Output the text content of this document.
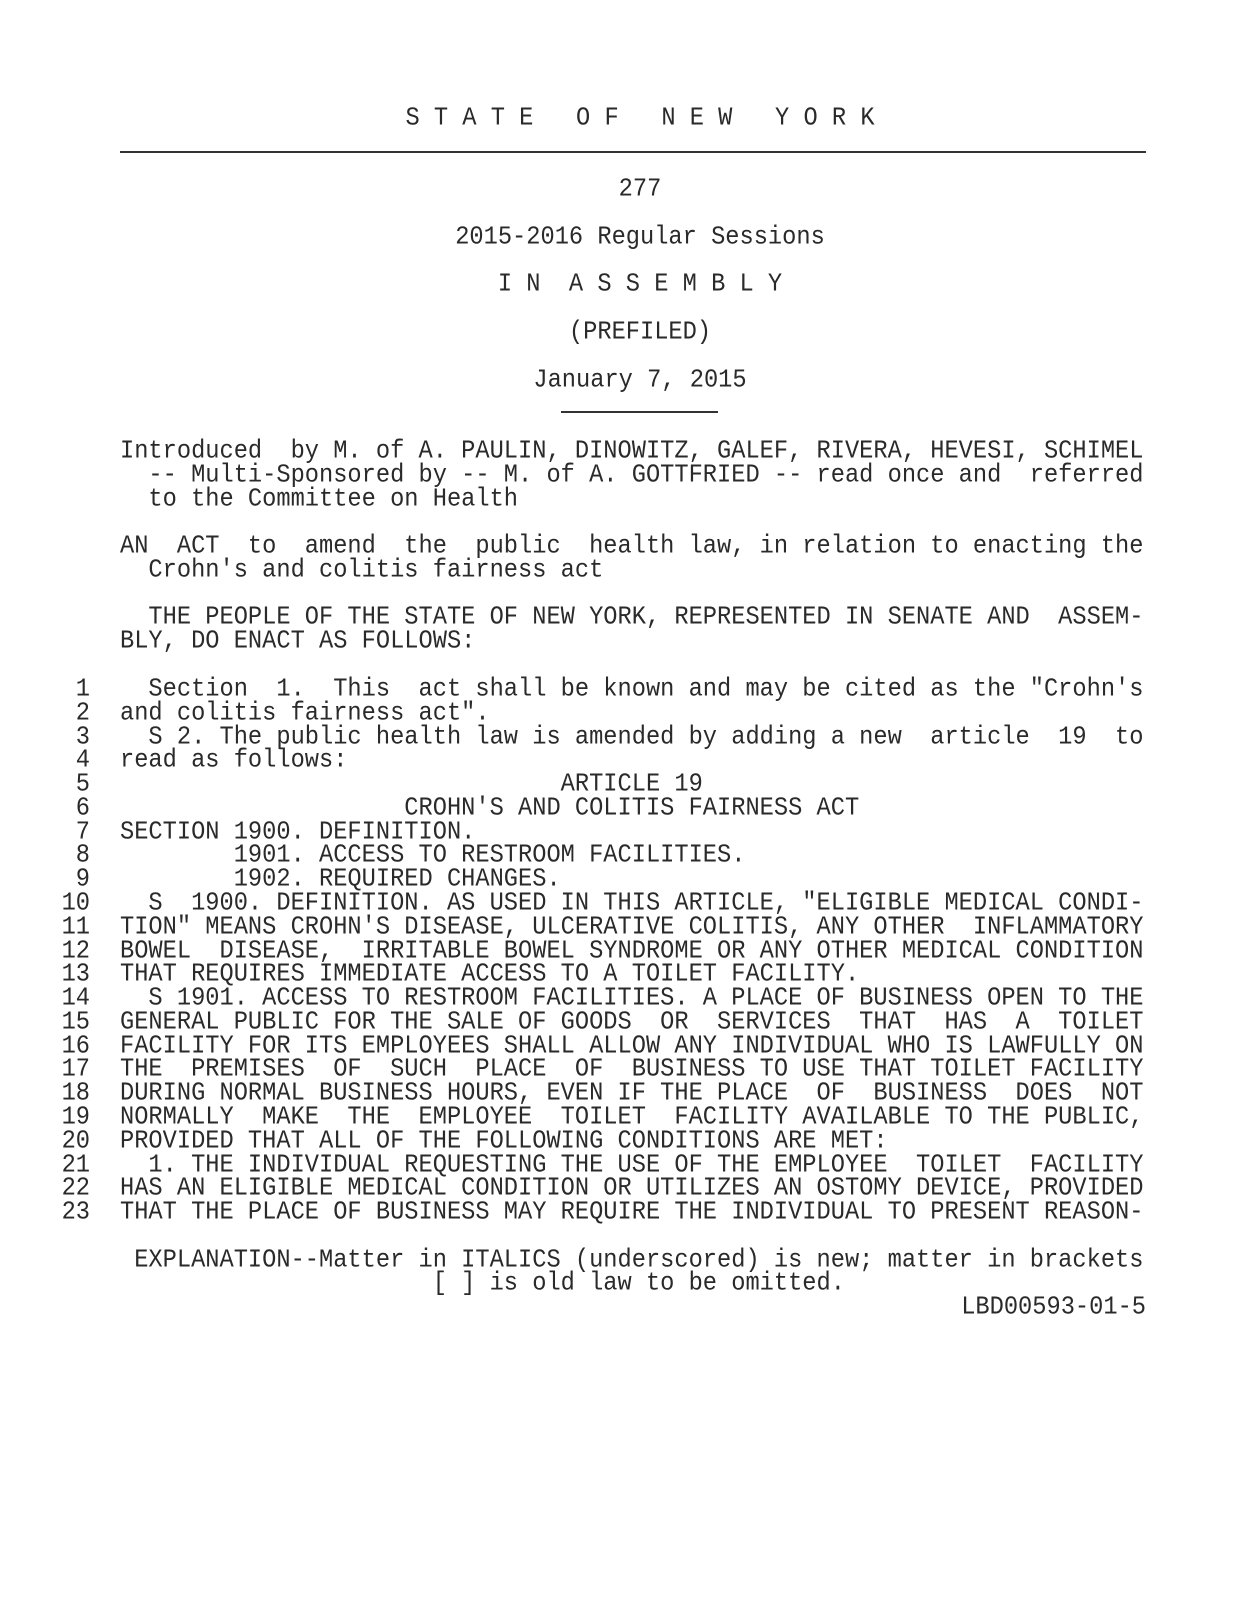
S T A T E   O F   N E W   Y O R K
277
2015-2016 Regular Sessions
I N  A S S E M B L Y
(PREFILED)
January 7, 2015
Introduced  by M. of A. PAULIN, DINOWITZ, GALEF, RIVERA, HEVESI, SCHIMEL
-- Multi-Sponsored by -- M. of A. GOTTFRIED -- read once and  referred
to the Committee on Health
AN  ACT  to  amend  the  public  health law, in relation to enacting the
Crohn's and colitis fairness act
THE PEOPLE OF THE STATE OF NEW YORK, REPRESENTED IN SENATE AND  ASSEM-
BLY, DO ENACT AS FOLLOWS:
1 Section  1.  This  act shall be known and may be cited as the "Crohn's
2 and colitis fairness act".
3 S 2. The public health law is amended by adding a new  article  19  to
4 read as follows:
5 ARTICLE 19
6 CROHN'S AND COLITIS FAIRNESS ACT
7 SECTION 1900. DEFINITION.
8 1901. ACCESS TO RESTROOM FACILITIES.
9 1902. REQUIRED CHANGES.
10 S  1900. DEFINITION. AS USED IN THIS ARTICLE, "ELIGIBLE MEDICAL CONDI-
11 TION" MEANS CROHN'S DISEASE, ULCERATIVE COLITIS, ANY OTHER  INFLAMMATORY
12 BOWEL  DISEASE,  IRRITABLE BOWEL SYNDROME OR ANY OTHER MEDICAL CONDITION
13 THAT REQUIRES IMMEDIATE ACCESS TO A TOILET FACILITY.
14 S 1901. ACCESS TO RESTROOM FACILITIES. A PLACE OF BUSINESS OPEN TO THE
15 GENERAL PUBLIC FOR THE SALE OF GOODS  OR  SERVICES  THAT  HAS  A  TOILET
16 FACILITY FOR ITS EMPLOYEES SHALL ALLOW ANY INDIVIDUAL WHO IS LAWFULLY ON
17 THE  PREMISES  OF  SUCH  PLACE  OF  BUSINESS TO USE THAT TOILET FACILITY
18 DURING NORMAL BUSINESS HOURS, EVEN IF THE PLACE  OF  BUSINESS  DOES  NOT
19 NORMALLY  MAKE  THE  EMPLOYEE  TOILET  FACILITY AVAILABLE TO THE PUBLIC,
20 PROVIDED THAT ALL OF THE FOLLOWING CONDITIONS ARE MET:
21 1. THE INDIVIDUAL REQUESTING THE USE OF THE EMPLOYEE  TOILET  FACILITY
22 HAS AN ELIGIBLE MEDICAL CONDITION OR UTILIZES AN OSTOMY DEVICE, PROVIDED
23 THAT THE PLACE OF BUSINESS MAY REQUIRE THE INDIVIDUAL TO PRESENT REASON-
EXPLANATION--Matter in ITALICS (underscored) is new; matter in brackets
[ ] is old law to be omitted.
LBD00593-01-5
